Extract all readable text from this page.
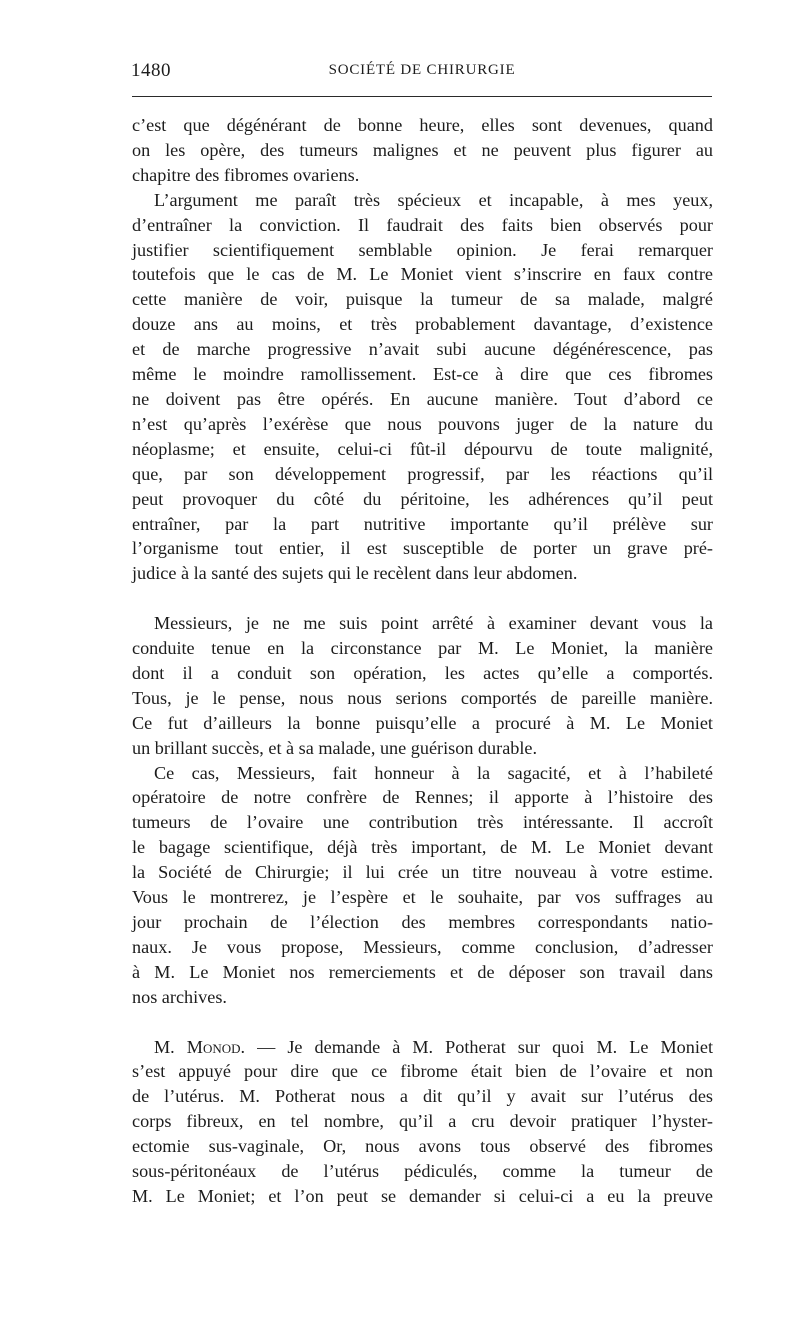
1480	SOCIÉTÉ DE CHIRURGIE
c’est que dégénérant de bonne heure, elles sont devenues, quand
on les opère, des tumeurs malignes et ne peuvent plus figurer au
chapitre des fibromes ovariens.
L’argument me paraît très spécieux et incapable, à mes yeux,
d’entraîner la conviction. Il faudrait des faits bien observés pour
justifier scientifiquement semblable opinion. Je ferai remarquer
toutefois que le cas de M. Le Moniet vient s’inscrire en faux contre
cette manière de voir, puisque la tumeur de sa malade, malgré
douze ans au moins, et très probablement davantage, d’existence
et de marche progressive n’avait subi aucune dégénérescence, pas
même le moindre ramollissement. Est-ce à dire que ces fibromes
ne doivent pas être opérés. En aucune manière. Tout d’abord ce
n’est qu’après l’exérèse que nous pouvons juger de la nature du
néoplasme; et ensuite, celui-ci fût-il dépourvu de toute malignité,
que, par son développement progressif, par les réactions qu’il
peut provoquer du côté du péritoine, les adhérences qu’il peut
entraîner, par la part nutritive importante qu’il prélève sur
l’organisme tout entier, il est susceptible de porter un grave pré-
judice à la santé des sujets qui le recèlent dans leur abdomen.
Messieurs, je ne me suis point arrêté à examiner devant vous la
conduite tenue en la circonstance par M. Le Moniet, la manière
dont il a conduit son opération, les actes qu’elle a comportés.
Tous, je le pense, nous nous serions comportés de pareille manière.
Ce fut d’ailleurs la bonne puisqu’elle a procuré à M. Le Moniet
un brillant succès, et à sa malade, une guérison durable.
Ce cas, Messieurs, fait honneur à la sagacité, et à l’habileté
opératoire de notre confrère de Rennes; il apporte à l’histoire des
tumeurs de l’ovaire une contribution très intéressante. Il accroît
le bagage scientifique, déjà très important, de M. Le Moniet devant
la Société de Chirurgie; il lui crée un titre nouveau à votre estime.
Vous le montrerez, je l’espère et le souhaite, par vos suffrages au
jour prochain de l’élection des membres correspondants natio-
naux. Je vous propose, Messieurs, comme conclusion, d’adresser
à M. Le Moniet nos remerciements et de déposer son travail dans
nos archives.
M. Monod. — Je demande à M. Potherat sur quoi M. Le Moniet
s’est appuyé pour dire que ce fibrome était bien de l’ovaire et non
de l’utérus. M. Potherat nous a dit qu’il y avait sur l’utérus des
corps fibreux, en tel nombre, qu’il a cru devoir pratiquer l’hyster-
ectomie sus-vaginale, Or, nous avons tous observé des fibromes
sous-péritonéaux de l’utérus pédiculés, comme la tumeur de
M. Le Moniet; et l’on peut se demander si celui-ci a eu la preuve
